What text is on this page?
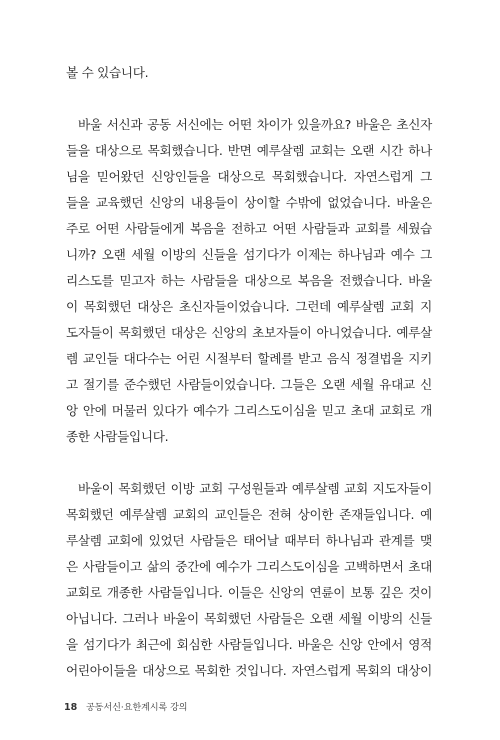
볼 수 있습니다.
바울 서신과 공동 서신에는 어떤 차이가 있을까요? 바울은 초신자
들을 대상으로 목회했습니다. 반면 예루살렘 교회는 오랜 시간 하나
님을 믿어왔던 신앙인들을 대상으로 목회했습니다. 자연스럽게 그
들을 교육했던 신앙의 내용들이 상이할 수밖에 없었습니다. 바울은
주로 어떤 사람들에게 복음을 전하고 어떤 사람들과 교회를 세웠습
니까? 오랜 세월 이방의 신들을 섬기다가 이제는 하나님과 예수 그
리스도를 믿고자 하는 사람들을 대상으로 복음을 전했습니다. 바울
이 목회했던 대상은 초신자들이었습니다. 그런데 예루살렘 교회 지
도자들이 목회했던 대상은 신앙의 초보자들이 아니었습니다. 예루살
렘 교인들 대다수는 어린 시절부터 할례를 받고 음식 정결법을 지키
고 절기를 준수했던 사람들이었습니다. 그들은 오랜 세월 유대교 신
앙 안에 머물러 있다가 예수가 그리스도이심을 믿고 초대 교회로 개
종한 사람들입니다.
바울이 목회했던 이방 교회 구성원들과 예루살렘 교회 지도자들이
목회했던 예루살렘 교회의 교인들은 전혀 상이한 존재들입니다. 예
루살렘 교회에 있었던 사람들은 태어날 때부터 하나님과 관계를 맺
은 사람들이고 삶의 중간에 예수가 그리스도이심을 고백하면서 초대
교회로 개종한 사람들입니다. 이들은 신앙의 연륜이 보통 깊은 것이
아닙니다. 그러나 바울이 목회했던 사람들은 오랜 세월 이방의 신들
을 섬기다가 최근에 회심한 사람들입니다. 바울은 신앙 안에서 영적
어린아이들을 대상으로 목회한 것입니다. 자연스럽게 목회의 대상이
18 공동서신·요한계시록 강의
